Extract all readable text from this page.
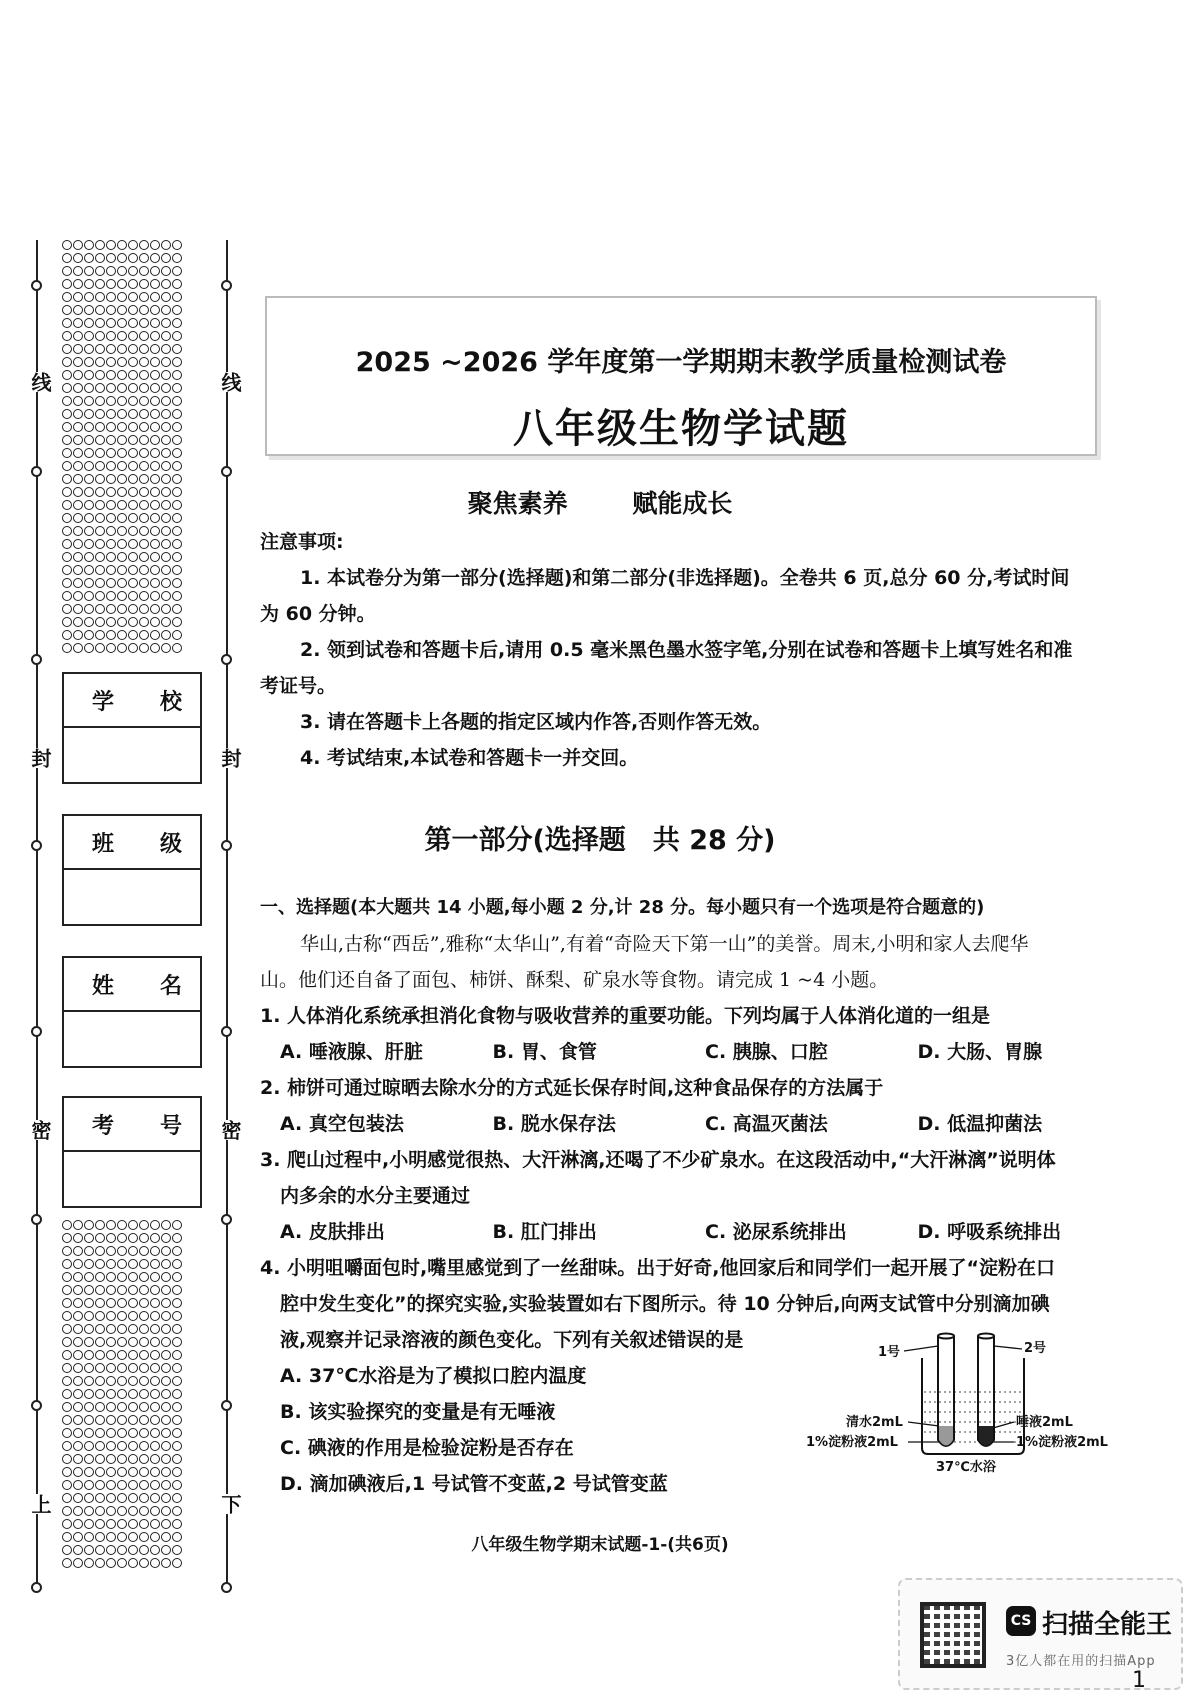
线
封
密
上
线
封
密
下
学 校
班 级
姓 名
考 号
2025 ~2026 学年度第一学期期末教学质量检测试卷
八年级生物学试题
聚焦素养	赋能成长
注意事项:
1. 本试卷分为第一部分(选择题)和第二部分(非选择题)。全卷共 6 页,总分 60 分,考试时间
为 60 分钟。
2. 领到试卷和答题卡后,请用 0.5 毫米黑色墨水签字笔,分别在试卷和答题卡上填写姓名和准
考证号。
3. 请在答题卡上各题的指定区域内作答,否则作答无效。
4. 考试结束,本试卷和答题卡一并交回。
第一部分(选择题　共 28 分)
一、选择题(本大题共 14 小题,每小题 2 分,计 28 分。每小题只有一个选项是符合题意的)
华山,古称“西岳”,雅称“太华山”,有着“奇险天下第一山”的美誉。周末,小明和家人去爬华
山。他们还自备了面包、柿饼、酥梨、矿泉水等食物。请完成 1 ~4 小题。
1. 人体消化系统承担消化食物与吸收营养的重要功能。下列均属于人体消化道的一组是
A. 唾液腺、肝脏	B. 胃、食管	C. 胰腺、口腔	D. 大肠、胃腺
2. 柿饼可通过晾晒去除水分的方式延长保存时间,这种食品保存的方法属于
A. 真空包装法	B. 脱水保存法	C. 高温灭菌法	D. 低温抑菌法
3. 爬山过程中,小明感觉很热、大汗淋漓,还喝了不少矿泉水。在这段活动中,“大汗淋漓”说明体
内多余的水分主要通过
A. 皮肤排出	B. 肛门排出	C. 泌尿系统排出	D. 呼吸系统排出
4. 小明咀嚼面包时,嘴里感觉到了一丝甜味。出于好奇,他回家后和同学们一起开展了“淀粉在口
腔中发生变化”的探究实验,实验装置如右下图所示。待 10 分钟后,向两支试管中分别滴加碘
液,观察并记录溶液的颜色变化。下列有关叙述错误的是
A. 37℃水浴是为了模拟口腔内温度
B. 该实验探究的变量是有无唾液
C. 碘液的作用是检验淀粉是否存在
D. 滴加碘液后,1 号试管不变蓝,2 号试管变蓝
1号	2号
清水2mL
1%淀粉液2mL
唾液2mL
1%淀粉液2mL
37℃水浴
八年级生物学期末试题-1-(共6页)
CS 扫描全能王
3亿人都在用的扫描App
1
